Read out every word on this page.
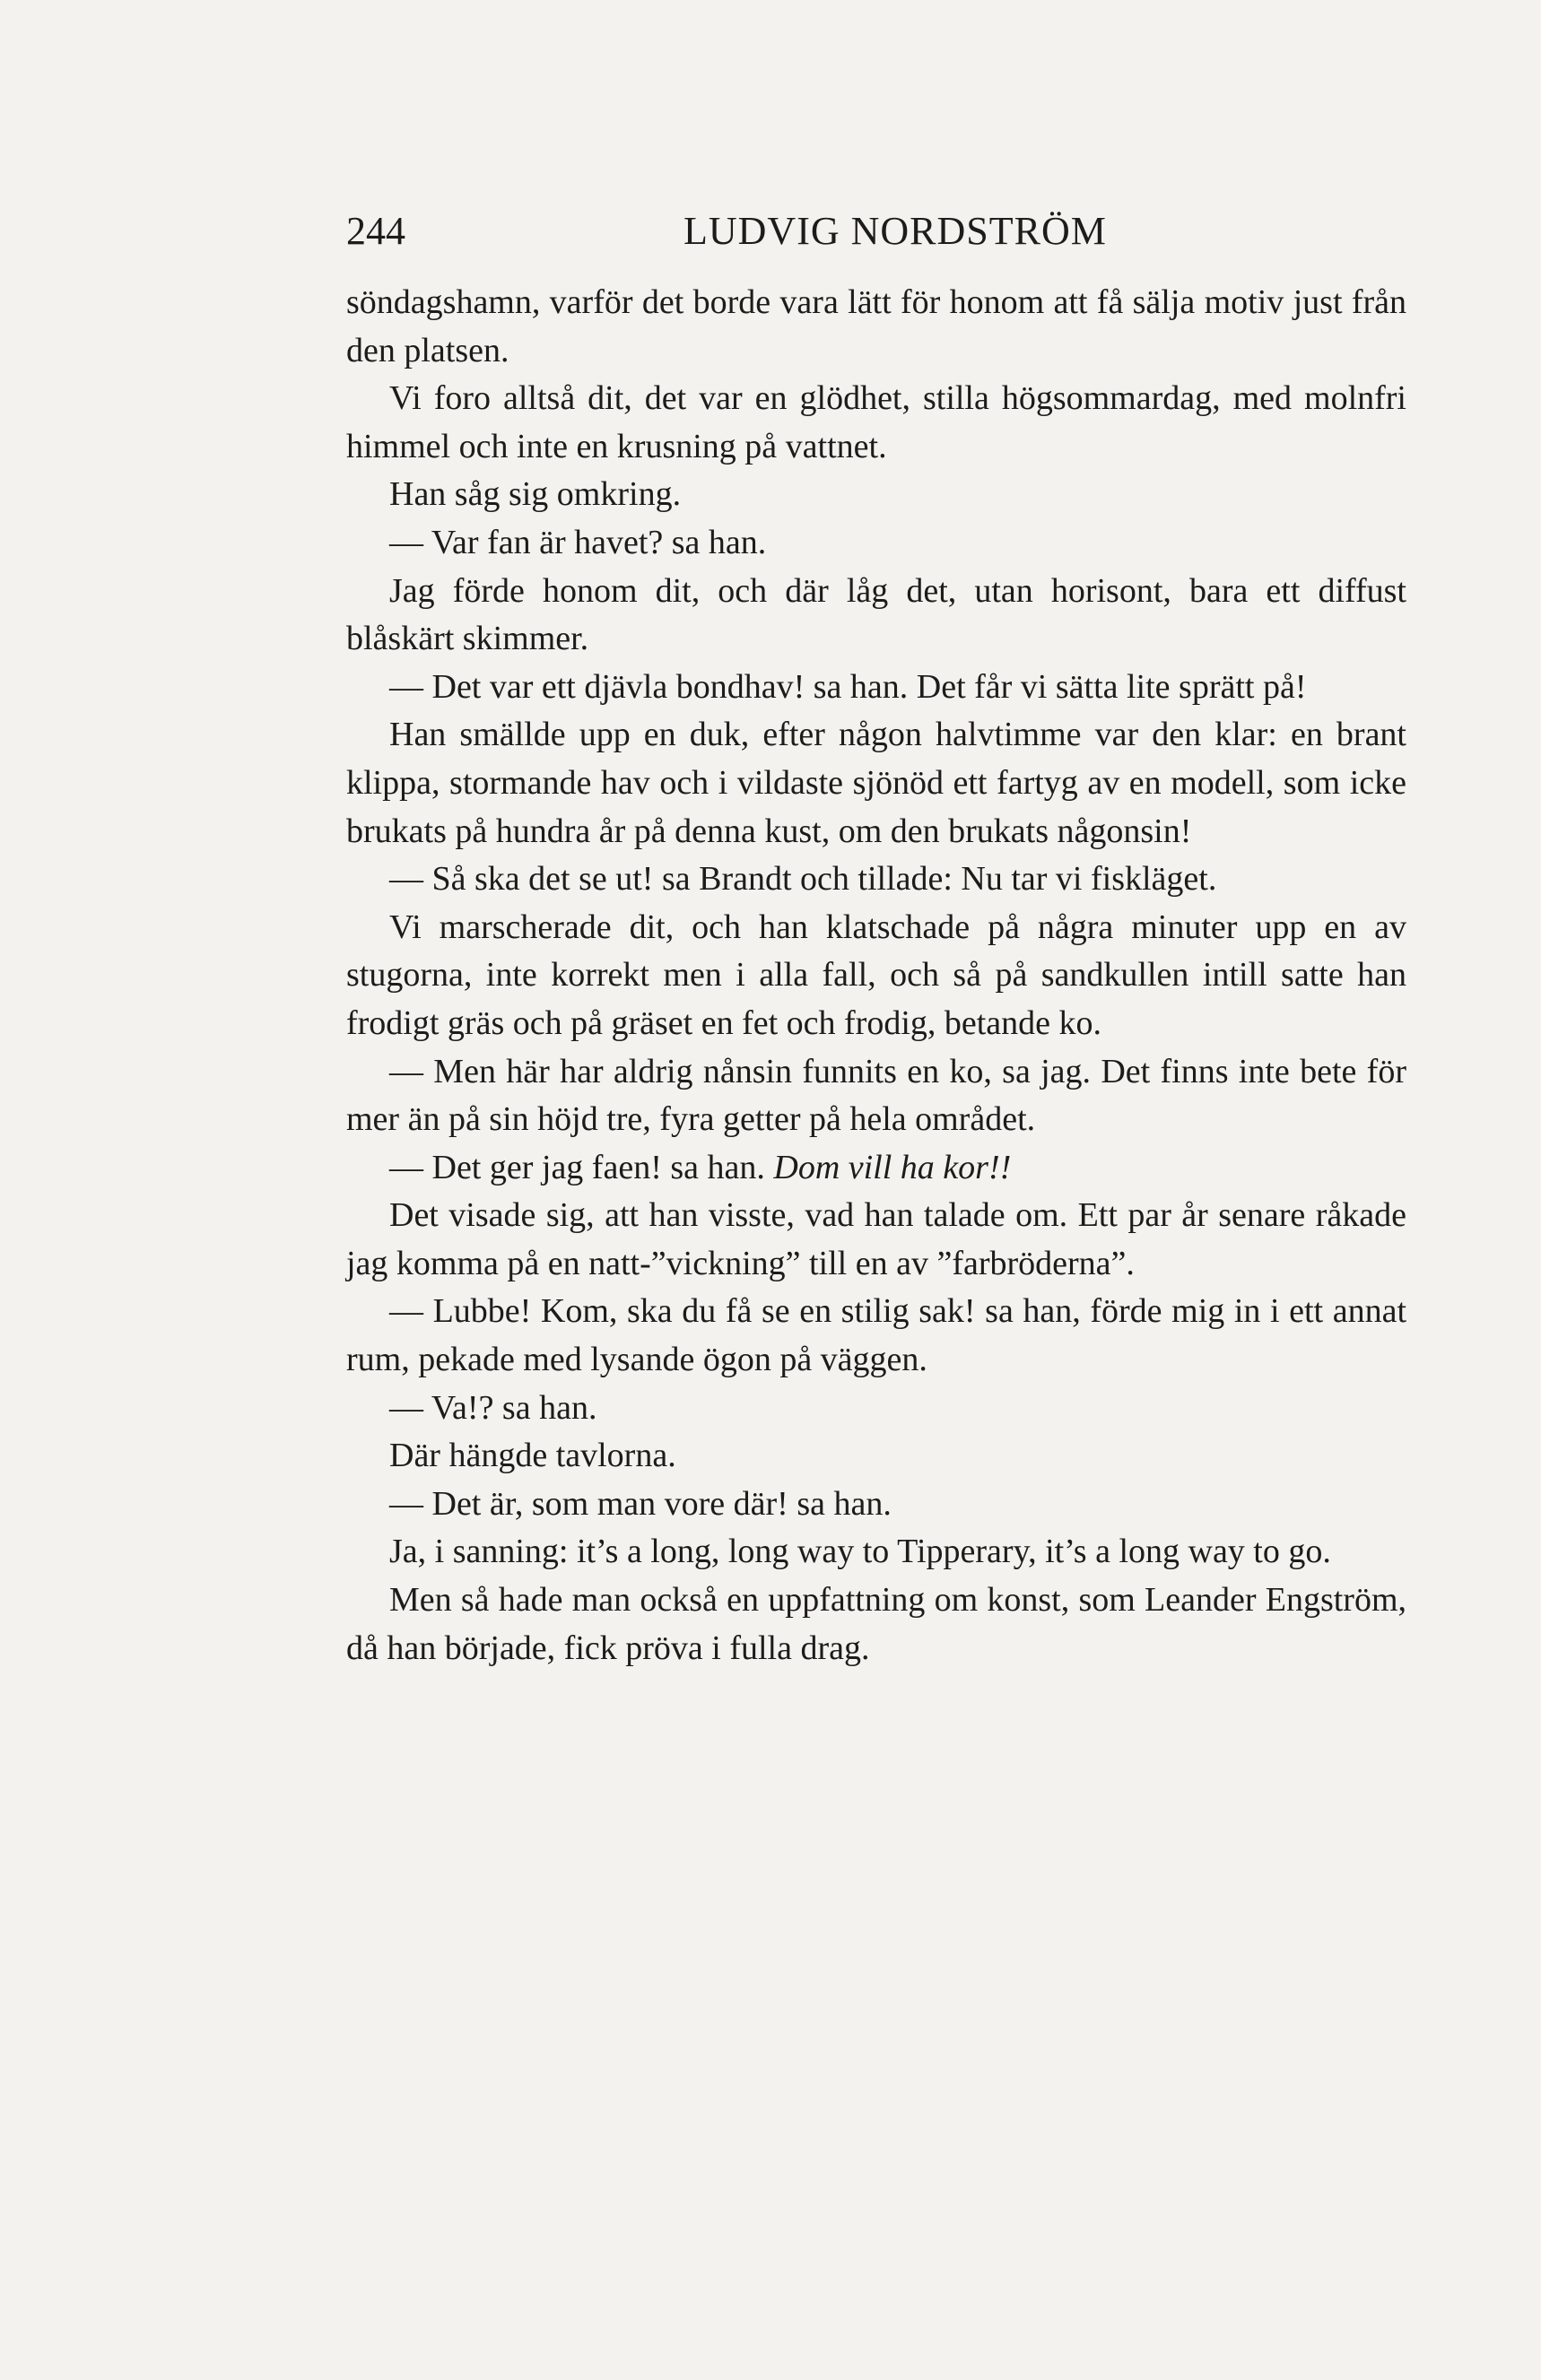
244	LUDVIG NORDSTRÖM

söndagshamn, varför det borde vara lätt för honom att få sälja motiv just från den platsen.

Vi foro alltså dit, det var en glödhet, stilla högsommardag, med molnfri himmel och inte en krusning på vattnet.

Han såg sig omkring.

— Var fan är havet? sa han.

Jag förde honom dit, och där låg det, utan horisont, bara ett diffust blåskärt skimmer.

— Det var ett djävla bondhav! sa han. Det får vi sätta lite sprätt på!

Han smällde upp en duk, efter någon halvtimme var den klar: en brant klippa, stormande hav och i vildaste sjönöd ett fartyg av en modell, som icke brukats på hundra år på denna kust, om den brukats någonsin!

— Så ska det se ut! sa Brandt och tillade: Nu tar vi fiskläget.

Vi marscherade dit, och han klatschade på några minuter upp en av stugorna, inte korrekt men i alla fall, och så på sandkullen intill satte han frodigt gräs och på gräset en fet och frodig, betande ko.

— Men här har aldrig nånsin funnits en ko, sa jag. Det finns inte bete för mer än på sin höjd tre, fyra getter på hela området.

— Det ger jag faen! sa han. Dom vill ha kor!!

Det visade sig, att han visste, vad han talade om. Ett par år senare råkade jag komma på en natt-”vickning” till en av ”farbröderna”.

— Lubbe! Kom, ska du få se en stilig sak! sa han, förde mig in i ett annat rum, pekade med lysande ögon på väggen.

— Va!? sa han.

Där hängde tavlorna.

— Det är, som man vore där! sa han.

Ja, i sanning: it’s a long, long way to Tipperary, it’s a long way to go.

Men så hade man också en uppfattning om konst, som Leander Engström, då han började, fick pröva i fulla drag.
